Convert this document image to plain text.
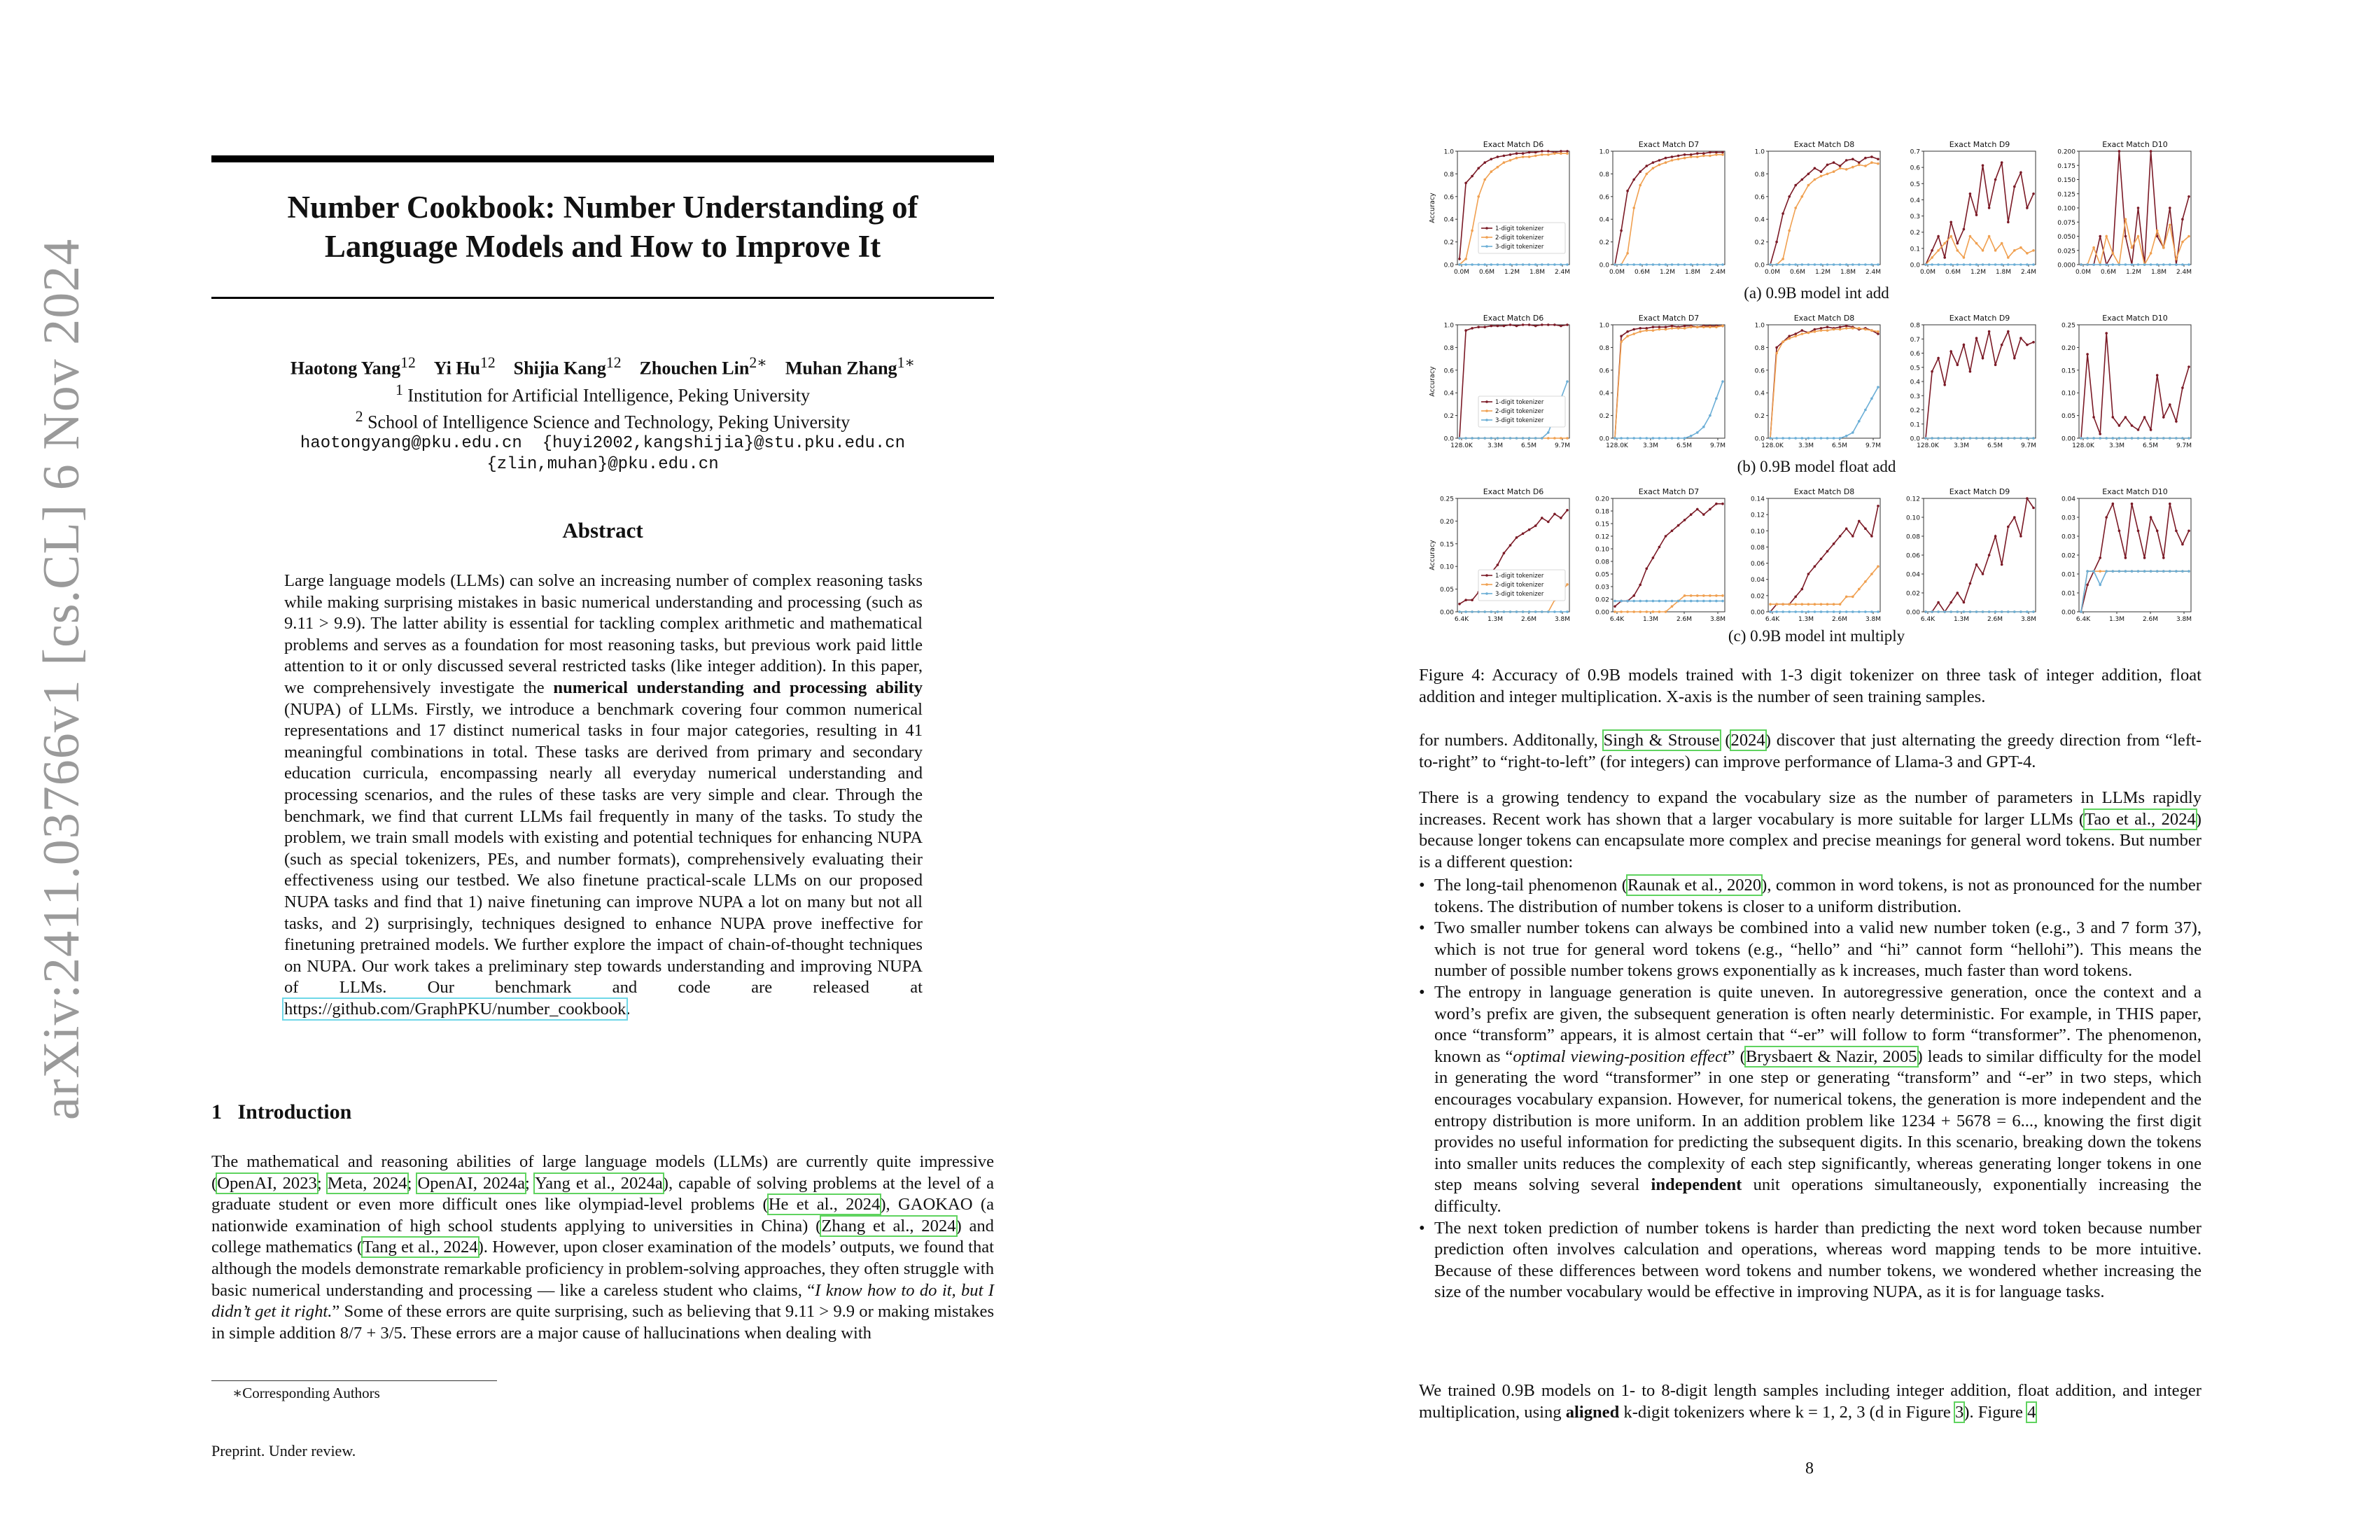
arXiv:2411.03766v1 [cs.CL] 6 Nov 2024
Number Cookbook: Number Understanding of
Language Models and How to Improve It
Haotong Yang$^{12}$ Yi Hu$^{12}$ Shijia Kang$^{12}$ Zhouchen Lin$^{2∗}$ Muhan Zhang$^{1∗}$
$^1$ Institution for Artificial Intelligence, Peking University
$^2$ School of Intelligence Science and Technology, Peking University
haotongyang@pku.edu.cn  {huyi2002,kangshijia}@stu.pku.edu.cn
{zlin,muhan}@pku.edu.cn
Abstract
Large language models (LLMs) can solve an increasing number of complex reasoning tasks while making surprising mistakes in basic numerical understanding and processing (such as 9.11 > 9.9). The latter ability is essential for tackling complex arithmetic and mathematical problems and serves as a foundation for most reasoning tasks, but previous work paid little attention to it or only discussed several restricted tasks (like integer addition). In this paper, we comprehensively investigate the numerical understanding and processing ability (NUPA) of LLMs. Firstly, we introduce a benchmark covering four common numerical representations and 17 distinct numerical tasks in four major categories, resulting in 41 meaningful combinations in total. These tasks are derived from primary and secondary education curricula, encompassing nearly all everyday numerical understanding and processing scenarios, and the rules of these tasks are very simple and clear. Through the benchmark, we find that current LLMs fail frequently in many of the tasks. To study the problem, we train small models with existing and potential techniques for enhancing NUPA (such as special tokenizers, PEs, and number formats), comprehensively evaluating their effectiveness using our testbed. We also finetune practical-scale LLMs on our proposed NUPA tasks and find that 1) naive finetuning can improve NUPA a lot on many but not all tasks, and 2) surprisingly, techniques designed to enhance NUPA prove ineffective for finetuning pretrained models. We further explore the impact of chain-of-thought techniques on NUPA. Our work takes a preliminary step towards understanding and improving NUPA of LLMs. Our benchmark and code are released at https://github.com/GraphPKU/number_cookbook.
1   Introduction
The mathematical and reasoning abilities of large language models (LLMs) are currently quite impressive (OpenAI, 2023; Meta, 2024; OpenAI, 2024a; Yang et al., 2024a), capable of solving problems at the level of a graduate student or even more difficult ones like olympiad-level problems (He et al., 2024), GAOKAO (a nationwide examination of high school students applying to universities in China) (Zhang et al., 2024) and college mathematics (Tang et al., 2024). However, upon closer examination of the models’ outputs, we found that although the models demonstrate remarkable proficiency in problem-solving approaches, they often struggle with basic numerical understanding and processing — like a careless student who claims, “I know how to do it, but I didn’t get it right.” Some of these errors are quite surprising, such as believing that 9.11 > 9.9 or making mistakes in simple addition 8/7 + 3/5. These errors are a major cause of hallucinations when dealing with
∗Corresponding Authors
Preprint. Under review.
Exact Match D6
0.0
0.2
0.4
0.6
0.8
1.0
0.0M 0.6M 1.2M 1.8M 2.4M
Accuracy
1-digit tokenizer
2-digit tokenizer
3-digit tokenizer
Exact Match D7
0.0
0.2
0.4
0.6
0.8
1.0
0.0M 0.6M 1.2M 1.8M 2.4M
Exact Match D8
0.0
0.2
0.4
0.6
0.8
1.0
0.0M 0.6M 1.2M 1.8M 2.4M
Exact Match D9
0.0
0.1
0.2
0.3
0.4
0.5
0.6
0.7
0.0M 0.6M 1.2M 1.8M 2.4M
Exact Match D10
0.000
0.025
0.050
0.075
0.100
0.125
0.150
0.175
0.200
0.0M 0.6M 1.2M 1.8M 2.4M
(a) 0.9B model int add
Exact Match D6
0.0
0.2
0.4
0.6
0.8
1.0
128.0K 3.3M	6.5M	9.7M
Accuracy
1-digit tokenizer
2-digit tokenizer
3-digit tokenizer
Exact Match D7
0.0
0.2
0.4
0.6
0.8
1.0
128.0K 3.3M	6.5M	9.7M
Exact Match D8
0.0
0.2
0.4
0.6
0.8
1.0
128.0K 3.3M	6.5M	9.7M
Exact Match D9
0.0
0.1
0.2
0.3
0.4
0.5
0.6
0.7
0.8
128.0K 3.3M	6.5M	9.7M
Exact Match D10
0.00
0.05
0.10
0.15
0.20
0.25
128.0K 3.3M	6.5M	9.7M
(b) 0.9B model float add
Exact Match D6
0.00
0.05
0.10
0.15
0.20
0.25
6.4K	1.3M	2.6M	3.8M
Accuracy
1-digit tokenizer
2-digit tokenizer
3-digit tokenizer
Exact Match D7
0.00
0.02
0.03
0.05
0.08
0.10
0.12
0.15
0.18
0.20
6.4K	1.3M	2.6M	3.8M
Exact Match D8
0.00
0.02
0.04
0.06
0.08
0.10
0.12
0.14
6.4K	1.3M	2.6M	3.8M
Exact Match D9
0.00
0.02
0.04
0.06
0.08
0.10
0.12
6.4K	1.3M	2.6M	3.8M
Exact Match D10
0.00
0.01
0.01
0.02
0.03
0.03
0.04
6.4K	1.3M	2.6M	3.8M
(c) 0.9B model int multiply
Figure 4: Accuracy of 0.9B models trained with 1-3 digit tokenizer on three task of integer addition, float addition and integer multiplication. X-axis is the number of seen training samples.
for numbers. Additonally, Singh & Strouse (2024) discover that just alternating the greedy direction from “left-to-right” to “right-to-left” (for integers) can improve performance of Llama-3 and GPT-4.
There is a growing tendency to expand the vocabulary size as the number of parameters in LLMs rapidly increases. Recent work has shown that a larger vocabulary is more suitable for larger LLMs (Tao et al., 2024) because longer tokens can encapsulate more complex and precise meanings for general word tokens. But number is a different question:
• The long-tail phenomenon (Raunak et al., 2020), common in word tokens, is not as pronounced for the number tokens. The distribution of number tokens is closer to a uniform distribution.
• Two smaller number tokens can always be combined into a valid new number token (e.g., 3 and 7 form 37), which is not true for general word tokens (e.g., “hello” and “hi” cannot form “hellohi”). This means the number of possible number tokens grows exponentially as k increases, much faster than word tokens.
• The entropy in language generation is quite uneven. In autoregressive generation, once the context and a word’s prefix are given, the subsequent generation is often nearly deterministic. For example, in THIS paper, once “transform” appears, it is almost certain that “-er” will follow to form “transformer”. The phenomenon, known as “optimal viewing-position effect” (Brysbaert & Nazir, 2005) leads to similar difficulty for the model in generating the word “transformer” in one step or generating “transform” and “-er” in two steps, which encourages vocabulary expansion. However, for numerical tokens, the generation is more independent and the entropy distribution is more uniform. In an addition problem like 1234 + 5678 = 6..., knowing the first digit provides no useful information for predicting the subsequent digits. In this scenario, breaking down the tokens into smaller units reduces the complexity of each step significantly, whereas generating longer tokens in one step means solving several independent unit operations simultaneously, exponentially increasing the difficulty.
• The next token prediction of number tokens is harder than predicting the next word token because number prediction often involves calculation and operations, whereas word mapping tends to be more intuitive. Because of these differences between word tokens and number tokens, we wondered whether increasing the size of the number vocabulary would be effective in improving NUPA, as it is for language tasks.
We trained 0.9B models on 1- to 8-digit length samples including integer addition, float addition, and integer multiplication, using aligned k-digit tokenizers where k = 1, 2, 3 (d in Figure 3). Figure 4
8
